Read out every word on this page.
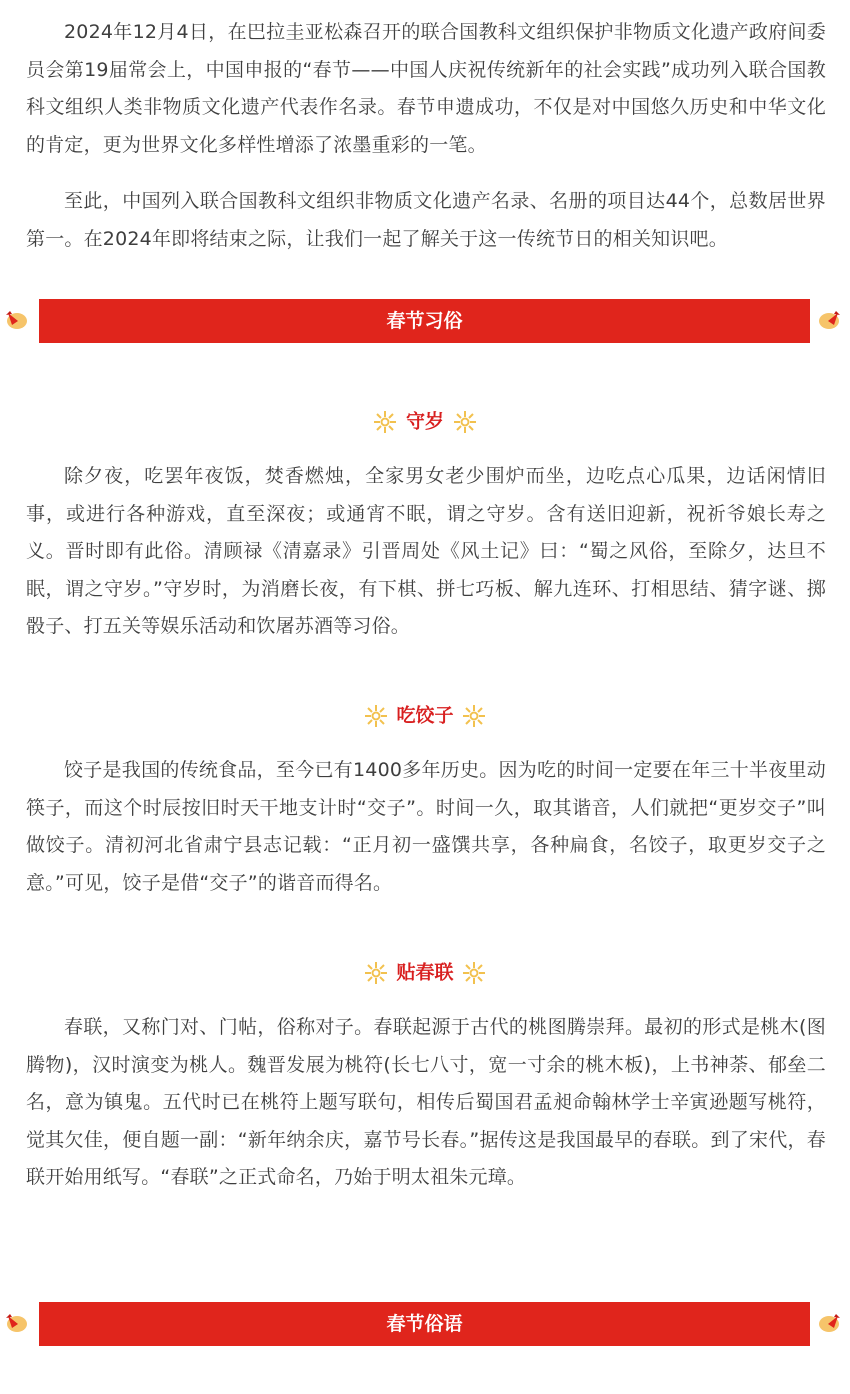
2024年12月4日，在巴拉圭亚松森召开的联合国教科文组织保护非物质文化遗产政府间委员会第19届常会上，中国申报的“春节——中国人庆祝传统新年的社会实践”成功列入联合国教科文组织人类非物质文化遗产代表作名录。春节申遗成功，不仅是对中国悠久历史和中华文化的肯定，更为世界文化多样性增添了浓墨重彩的一笔。

至此，中国列入联合国教科文组织非物质文化遗产名录、名册的项目达44个，总数居世界第一。在2024年即将结束之际，让我们一起了解关于这一传统节日的相关知识吧。

春节习俗
守岁

除夕夜，吃罢年夜饭，焚香燃烛，全家男女老少围炉而坐，边吃点心瓜果，边话闲情旧事，或进行各种游戏，直至深夜；或通宵不眠，谓之守岁。含有送旧迎新，祝祈爷娘长寿之义。晋时即有此俗。清顾禄《清嘉录》引晋周处《风土记》曰：“蜀之风俗，至除夕，达旦不眠，谓之守岁。”守岁时，为消磨长夜，有下棋、拼七巧板、解九连环、打相思结、猜字谜、掷骰子、打五关等娱乐活动和饮屠苏酒等习俗。

吃饺子

饺子是我国的传统食品，至今已有1400多年历史。因为吃的时间一定要在年三十半夜里动筷子，而这个时辰按旧时天干地支计时“交子”。时间一久，取其谐音，人们就把“更岁交子”叫做饺子。清初河北省肃宁县志记载：“正月初一盛馔共享，各种扁食，名饺子，取更岁交子之意。”可见，饺子是借“交子”的谐音而得名。

贴春联

春联，又称门对、门帖，俗称对子。春联起源于古代的桃图腾崇拜。最初的形式是桃木(图腾物)，汉时演变为桃人。魏晋发展为桃符(长七八寸，宽一寸余的桃木板)，上书神荼、郁垒二名，意为镇鬼。五代时已在桃符上题写联句，相传后蜀国君孟昶命翰林学士辛寅逊题写桃符，觉其欠佳，便自题一副：“新年纳余庆，嘉节号长春。”据传这是我国最早的春联。到了宋代，春联开始用纸写。“春联”之正式命名，乃始于明太祖朱元璋。

春节俗语
